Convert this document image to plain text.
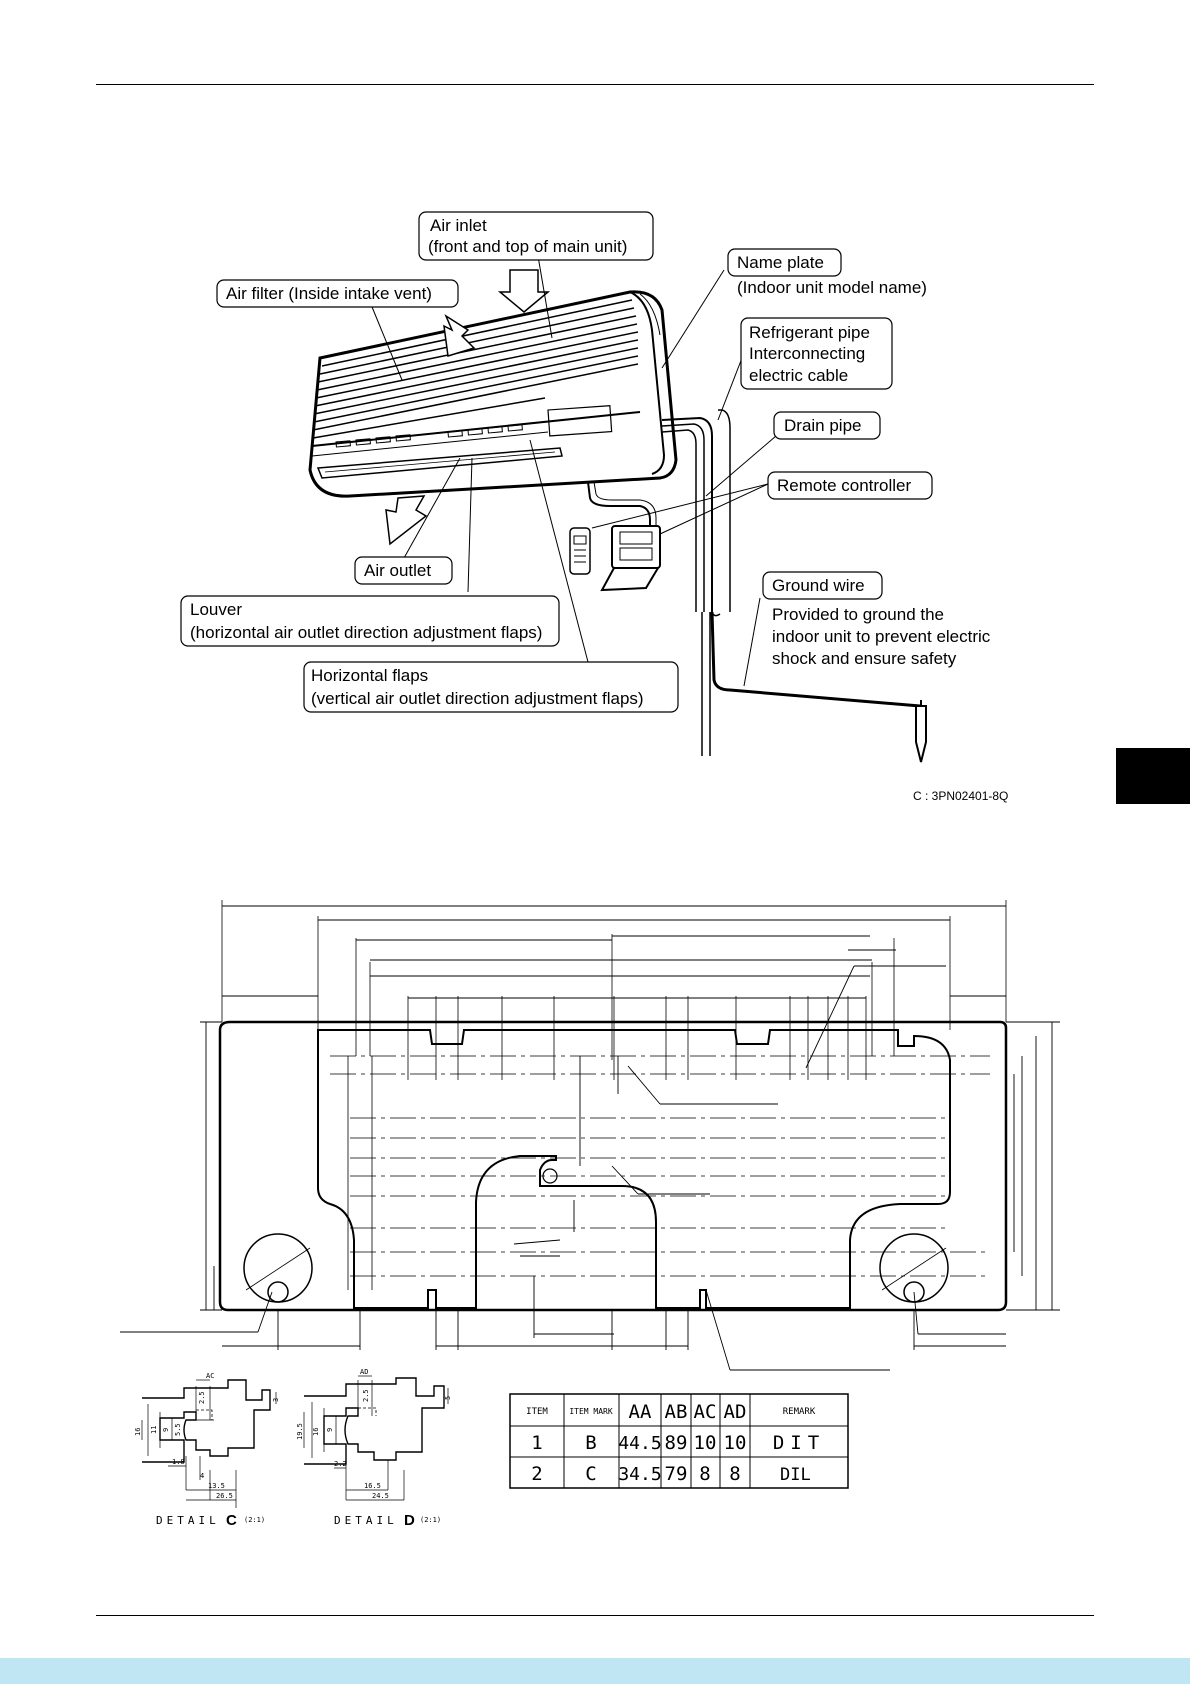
Air inlet
(front and top of main unit)
Air filter (Inside intake vent)
Name plate
(Indoor unit model name)
Refrigerant pipe
Interconnecting
electric cable
Drain pipe
Remote controller
Air outlet
Louver
(horizontal air outlet direction adjustment flaps)
Horizontal flaps
(vertical air outlet direction adjustment flaps)
Ground wire
Provided to ground the
indoor unit to prevent electric
shock and ensure safety
C : 3PN02401-8Q
AC
2.5
16 11 9 5.5
1.8
4
13.5
26.5
3
DETAIL C (2:1)
AD
2.5
19.5 16 9
2.2
16.5
24.5
5
DETAIL D (2:1)
ITEM	ITEM MARK AA AB AC AD	REMARK
1 B 44.5 89 10 10 DIT
2 C 34.5 79 8 8 DIL
